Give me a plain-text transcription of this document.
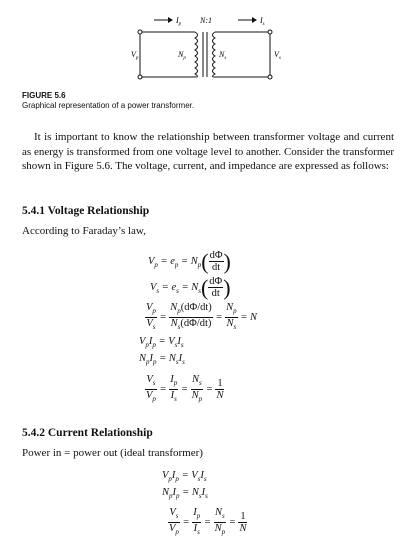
$I_p$ N:1	$I_s$
$V_p$	$N_p$	$N_s$	$V_s$
FIGURE 5.6
Graphical representation of a power transformer.
It is important to know the relationship between transformer voltage and current as energy is transformed from one voltage level to another. Consider the transformer shown in Figure 5.6. The voltage, current, and impedance are expressed as follows:
5.4.1 Voltage Relationship
According to Faraday’s law,
$V_p = e_p = N_p( \frac{d\Phi}{dt}$ )
$V_s = e_s = N_s( \frac{d\Phi}{dt}$ )
$\frac{V_p}{V_s} = \frac{N_p(d\Phi/dt)}{N_s(d\Phi/dt)} = \frac{N_p}{N_s} = N$
$V_pI_p = V_sI_s$
$N_pI_p = N_sI_s$
$\frac{V_s}{V_p} = \frac{I_p}{I_s} = \frac{N_s}{N_p} = \frac{1}{N}$
5.4.2 Current Relationship
Power in = power out (ideal transformer)
$V_pI_p = V_sI_s$
$N_pI_p = N_sI_s$
$\frac{V_s}{V_p} = \frac{I_p}{I_s} = \frac{N_s}{N_p} = \frac{1}{N}$
